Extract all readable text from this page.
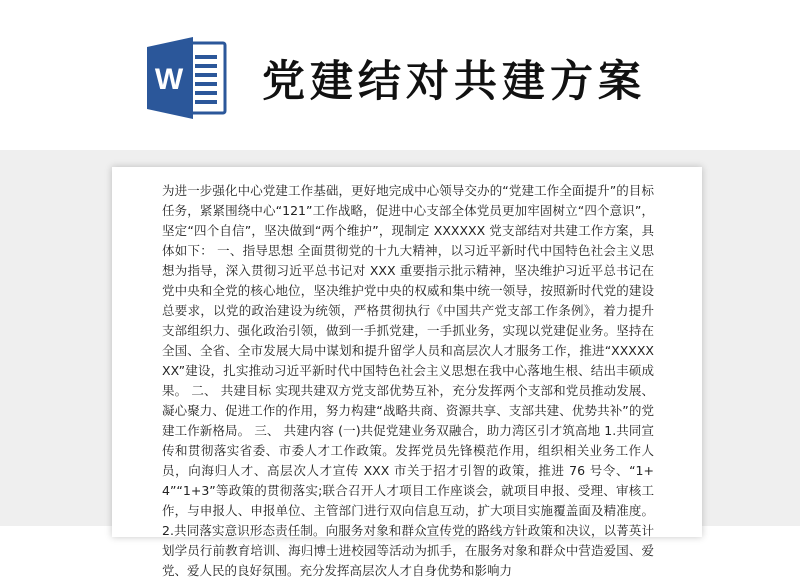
W 党建结对共建方案

为进一步强化中心党建工作基础，更好地完成中心领导交办的“党建工作全面提升”的目标任务，紧紧围绕中心“121”工作战略，促进中心支部全体党员更加牢固树立“四个意识”，坚定“四个自信”，坚决做到“两个维护”，现制定 XXXXXX 党支部结对共建工作方案，具体如下： 一、指导思想 全面贯彻党的十九大精神，以习近平新时代中国特色社会主义思想为指导，深入贯彻习近平总书记对 XXX 重要指示批示精神，坚决维护习近平总书记在党中央和全党的核心地位，坚决维护党中央的权威和集中统一领导，按照新时代党的建设总要求，以党的政治建设为统领，严格贯彻执行《中国共产党支部工作条例》，着力提升支部组织力、强化政治引领，做到一手抓党建，一手抓业务，实现以党建促业务。坚持在全国、全省、全市发展大局中谋划和提升留学人员和高层次人才服务工作，推进“XXXXXXX”建设，扎实推动习近平新时代中国特色社会主义思想在我中心落地生根、结出丰硕成果。 二、 共建目标 实现共建双方党支部优势互补，充分发挥两个支部和党员推动发展、凝心聚力、促进工作的作用，努力构建“战略共商、资源共享、支部共建、优势共补”的党建工作新格局。 三、 共建内容 (一)共促党建业务双融合，助力湾区引才筑高地 1.共同宣传和贯彻落实省委、市委人才工作政策。发挥党员先锋模范作用，组织相关业务工作人员，向海归人才、高层次人才宣传 XXX 市关于招才引智的政策，推进 76 号令、“1+4”“1+3”等政策的贯彻落实;联合召开人才项目工作座谈会，就项目申报、受理、审核工作，与申报人、申报单位、主管部门进行双向信息互动，扩大项目实施覆盖面及精准度。 2.共同落实意识形态责任制。向服务对象和群众宣传党的路线方针政策和决议，以菁英计划学员行前教育培训、海归博士进校园等活动为抓手，在服务对象和群众中营造爱国、爱党、爱人民的良好氛围。充分发挥高层次人才自身优势和影响力
